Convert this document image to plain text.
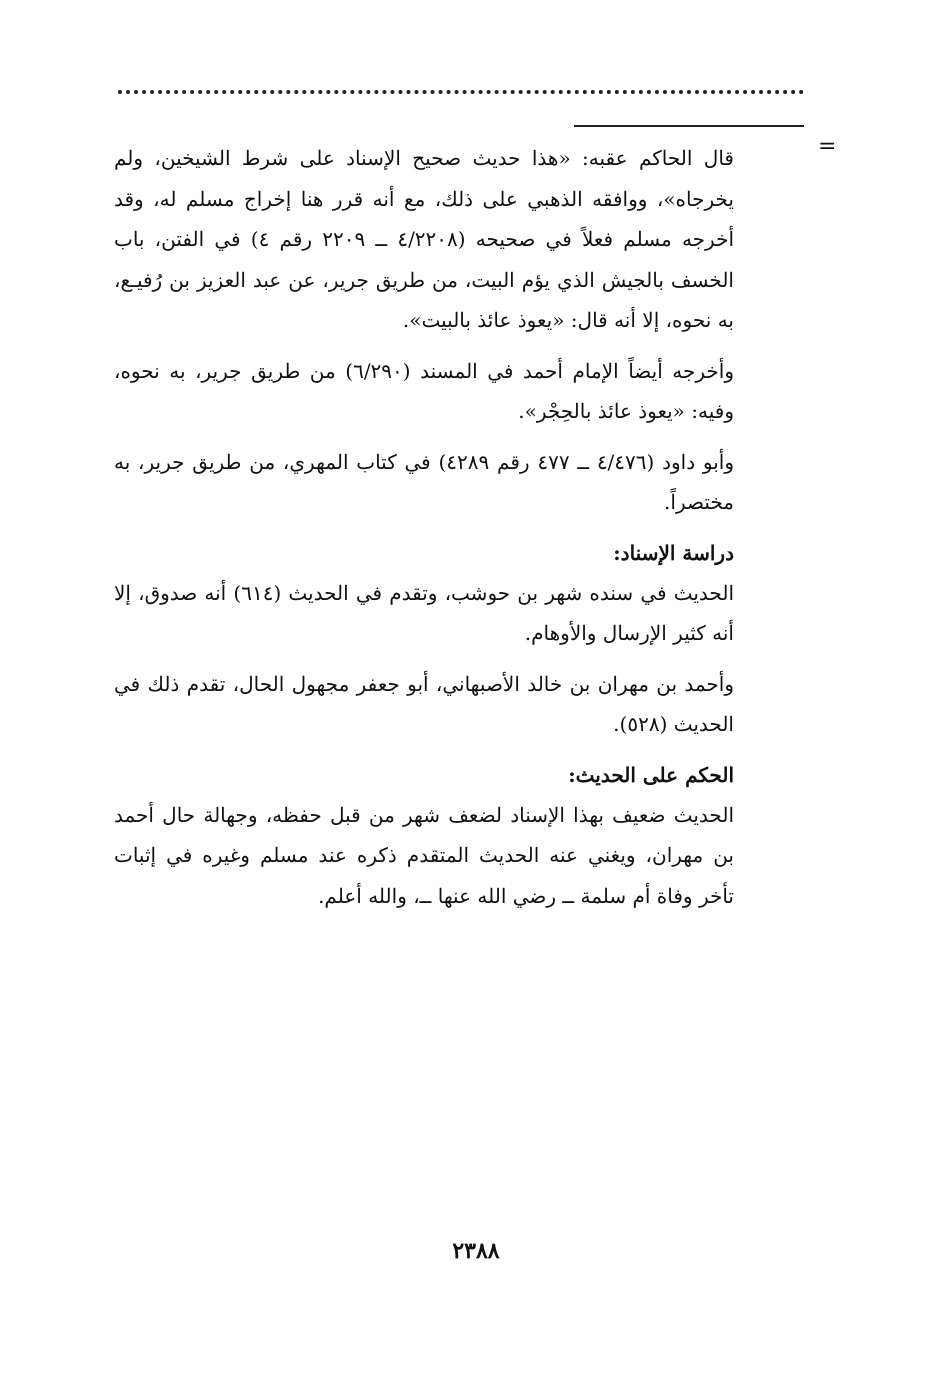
=

قال الحاكم عقبه: «هذا حديث صحيح الإسناد على شرط الشيخين، ولم يخرجاه»، ووافقه الذهبي على ذلك، مع أنه قرر هنا إخراج مسلم له، وقد أخرجه مسلم فعلاً في صحيحه (٤/٢٢٠٨ ــ ٢٢٠٩ رقم ٤) في الفتن، باب الخسف بالجيش الذي يؤم البيت، من طريق جرير، عن عبد العزيز بن رُفيـع، به نحوه، إلا أنه قال: «يعوذ عائذ بالبيت».

وأخرجه أيضاً الإمام أحمد في المسند (٦/٢٩٠) من طريق جرير، به نحوه، وفيه: «يعوذ عائذ بالحِجْر».

وأبو داود (٤/٤٧٦ ــ ٤٧٧ رقم ٤٢٨٩) في كتاب المهري، من طريق جرير، به مختصراً.

دراسة الإسناد:

الحديث في سنده شهر بن حوشب، وتقدم في الحديث (٦١٤) أنه صدوق، إلا أنه كثير الإرسال والأوهام.

وأحمد بن مهران بن خالد الأصبهاني، أبو جعفر مجهول الحال، تقدم ذلك في الحديث (٥٢٨).

الحكم على الحديث:

الحديث ضعيف بهذا الإسناد لضعف شهر من قبل حفظه، وجهالة حال أحمد بن مهران، ويغني عنه الحديث المتقدم ذكره عند مسلم وغيره في إثبات تأخر وفاة أم سلمة ــ رضي الله عنها ــ، والله أعلم.

٢٣٨٨
